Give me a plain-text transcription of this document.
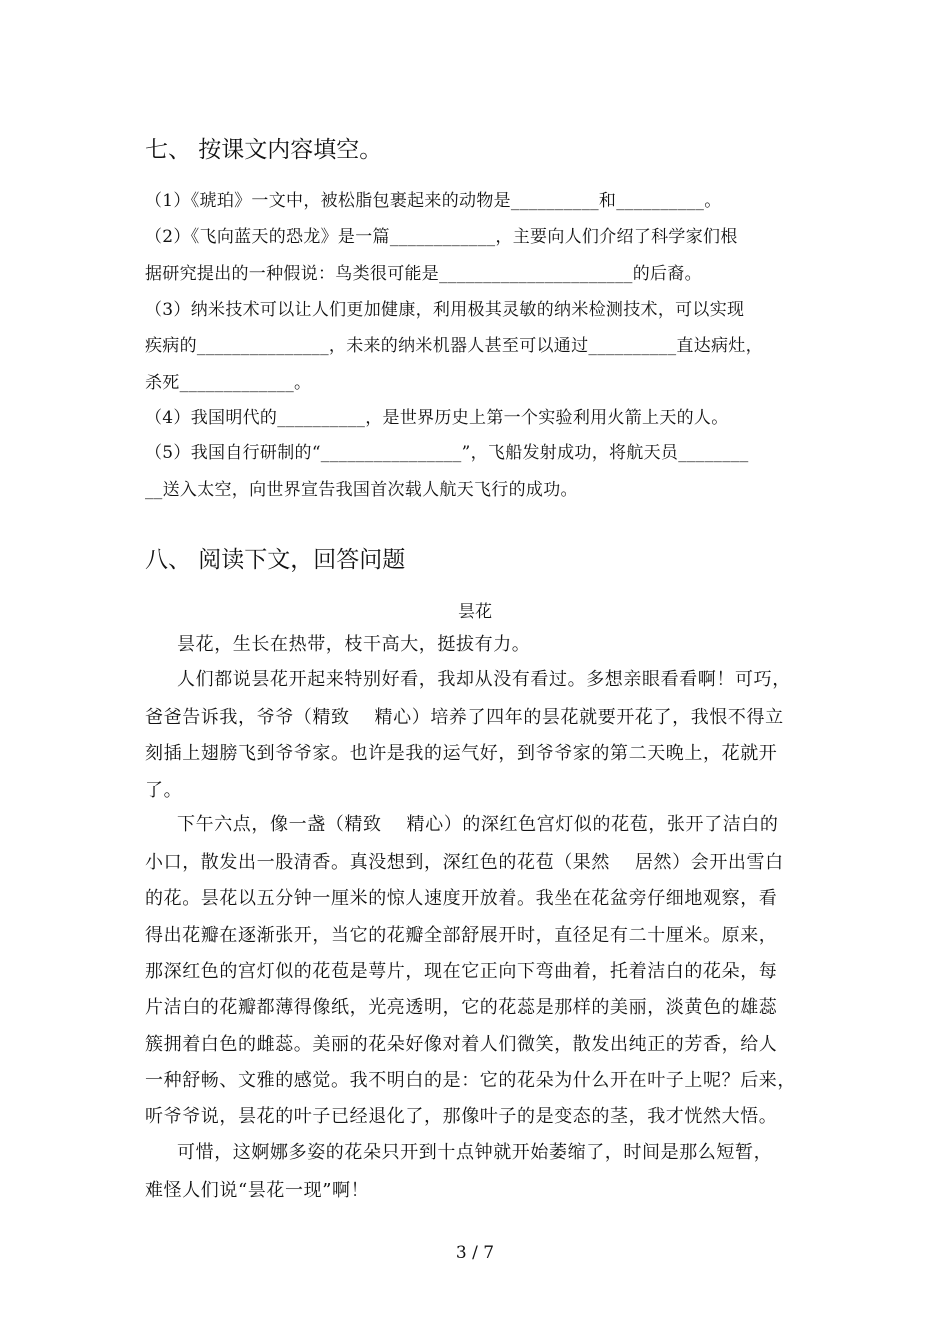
七、 按课文内容填空。
（1）《琥珀》一文中，被松脂包裹起来的动物是__________和__________。
（2）《飞向蓝天的恐龙》是一篇____________，主要向人们介绍了科学家们根
据研究提出的一种假说：鸟类很可能是______________________的后裔。
（3）纳米技术可以让人们更加健康，利用极其灵敏的纳米检测技术，可以实现
疾病的_______________，未来的纳米机器人甚至可以通过__________直达病灶，
杀死_____________。
（4）我国明代的__________，是世界历史上第一个实验利用火箭上天的人。
（5）我国自行研制的“________________”，飞船发射成功，将航天员________
__送入太空，向世界宣告我国首次载人航天飞行的成功。
八、 阅读下文，回答问题
昙花
昙花，生长在热带，枝干高大，挺拔有力。
人们都说昙花开起来特别好看，我却从没有看过。多想亲眼看看啊！可巧，
爸爸告诉我，爷爷（精致　 精心）培养了四年的昙花就要开花了，我恨不得立
刻插上翅膀飞到爷爷家。也许是我的运气好，到爷爷家的第二天晚上，花就开
了。
下午六点，像一盏（精致　 精心）的深红色宫灯似的花苞，张开了洁白的
小口，散发出一股清香。真没想到，深红色的花苞（果然　 居然）会开出雪白
的花。昙花以五分钟一厘米的惊人速度开放着。我坐在花盆旁仔细地观察，看
得出花瓣在逐渐张开，当它的花瓣全部舒展开时，直径足有二十厘米。原来，
那深红色的宫灯似的花苞是萼片，现在它正向下弯曲着，托着洁白的花朵，每
片洁白的花瓣都薄得像纸，光亮透明，它的花蕊是那样的美丽，淡黄色的雄蕊
簇拥着白色的雌蕊。美丽的花朵好像对着人们微笑，散发出纯正的芳香，给人
一种舒畅、文雅的感觉。我不明白的是：它的花朵为什么开在叶子上呢？后来，
听爷爷说，昙花的叶子已经退化了，那像叶子的是变态的茎，我才恍然大悟。
可惜，这婀娜多姿的花朵只开到十点钟就开始萎缩了，时间是那么短暂，
难怪人们说“昙花一现”啊！
3 / 7
